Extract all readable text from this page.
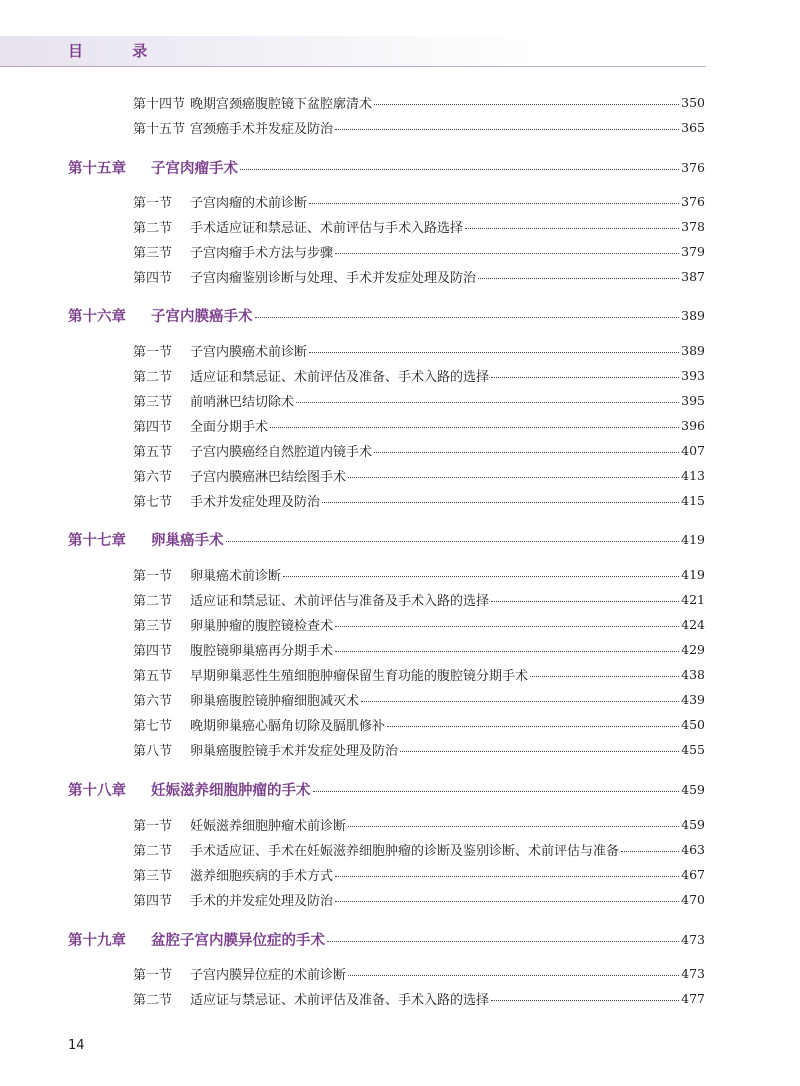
目 录
第十四节 晚期宫颈癌腹腔镜下盆腔廓清术	350
第十五节 宫颈癌手术并发症及防治	365
第十五章 子宫肉瘤手术	376
第一节 子宫肉瘤的术前诊断	376
第二节 手术适应证和禁忌证、术前评估与手术入路选择	378
第三节 子宫肉瘤手术方法与步骤	379
第四节 子宫肉瘤鉴别诊断与处理、手术并发症处理及防治	387
第十六章 子宫内膜癌手术	389
第一节 子宫内膜癌术前诊断	389
第二节 适应证和禁忌证、术前评估及准备、手术入路的选择	393
第三节 前哨淋巴结切除术	395
第四节 全面分期手术	396
第五节 子宫内膜癌经自然腔道内镜手术	407
第六节 子宫内膜癌淋巴结绘图手术	413
第七节 手术并发症处理及防治	415
第十七章 卵巢癌手术	419
第一节 卵巢癌术前诊断	419
第二节 适应证和禁忌证、术前评估与准备及手术入路的选择	421
第三节 卵巢肿瘤的腹腔镜检查术	424
第四节 腹腔镜卵巢癌再分期手术	429
第五节 早期卵巢恶性生殖细胞肿瘤保留生育功能的腹腔镜分期手术	438
第六节 卵巢癌腹腔镜肿瘤细胞减灭术	439
第七节 晚期卵巢癌心膈角切除及膈肌修补	450
第八节 卵巢癌腹腔镜手术并发症处理及防治	455
第十八章 妊娠滋养细胞肿瘤的手术	459
第一节 妊娠滋养细胞肿瘤术前诊断	459
第二节 手术适应证、手术在妊娠滋养细胞肿瘤的诊断及鉴别诊断、术前评估与准备	463
第三节 滋养细胞疾病的手术方式	467
第四节 手术的并发症处理及防治	470
第十九章 盆腔子宫内膜异位症的手术	473
第一节 子宫内膜异位症的术前诊断	473
第二节 适应证与禁忌证、术前评估及准备、手术入路的选择	477
14
